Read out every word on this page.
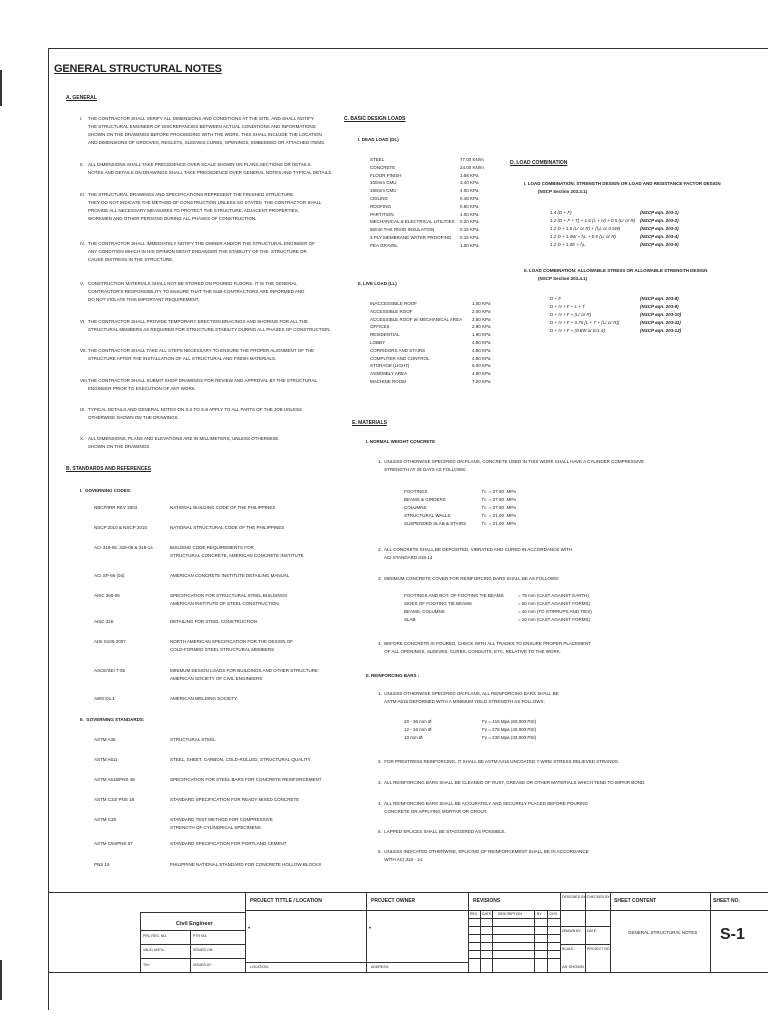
GENERAL STRUCTURAL NOTES
A. GENERAL
I. THE CONTRACTOR SHALL VERIFY ALL DIMENSIONS AND CONDITIONS AT THE SITE, AND SHALL NOTIFY
THE STRUCTURAL ENGINEER OF DISCREPANCIES BETWEEN ACTUAL CONDITIONS AND INFORMATIONS
SHOWN ON THE DRAWINGS BEFORE PROCEEDING WITH THE WORK. THIS SHALL INCLUDE THE LOCATION
AND DIMENSIONS OF GROOVES, REGLETS, SLEEVES,CURBS, OPENINGS, EMBEDDED OR ATTACHED ITEMS.
II. ALL DIMENSIONS SHALL TAKE PRECEDENCE OVER SCALE SHOWN ON PLANS,SECTIONS OR DETAILS.
NOTES AND DETAILS ON DRAWINGS SHALL TAKE PRECEDENCE OVER GENERAL NOTES AND TYPICAL DETAILS.
III. THE STRUCTURAL DRAWINGS AND SPECIFICATIONS REPRESENT THE FINISHED STRUCTURE.
THEY DO NOT INDICATE THE METHOD OF CONSTRUCTION UNLESS SO STATED. THE CONTRACTOR SHALL
PROVIDE ALL NECESSARY MEASURES TO PROTECT THE STRUCTURE, ADJACENT PROPERTIES,
WORKMEN AND OTHER PERSONS DURING ALL PHASES OF CONSTRUCTION.
IV. THE CONTRACTOR SHALL IMMEDIATELY NOTIFY THE OWNER AND/OR THE STRUCTURAL ENGINEER OF
ANY CONDITION WHICH IN HIS OPINION MIGHT ENDANGER THE STABILITY OF THE  STRUCTURE OR
CAUSE DISTRESS IN THE STRUCTURE.
V. CONSTRUCTION MATERIALS SHALL NOT BE STORED ON POURED FLOORS. IT IS THE GENERAL
CONTRACTOR'S RESPONSIBILITY TO ENSURE THAT THE SUB-CONTRACTORS ARE INFORMED AND
DO NOT VIOLATE THIS IMPORTANT REQUIREMENT.
VI. THE CONTRACTOR SHALL PROVIDE TEMPORARY ERECTION BRACINGS AND SHORING FOR ALL THE
STRUCTURAL MEMBERS AS REQUIRED FOR STRUCTURE STABILITY DURING ALL PHASES OF CONSTRUCTION.
VII. THE CONTRACTOR SHALL TAKE ALL STEPS NECESSARY TO ENSURE THE PROPER ALIGNMENT OF THE
STRUCTURE AFTER THE INSTALLATION OF ALL STRUCTURAL AND FINISH MATERIALS.
VIII. THE CONTRACTOR SHALL SUBMIT SHOP DRAWINGS FOR REVIEW AND APPROVAL BY THE STRUCTURAL
ENGINEER PRIOR TO EXECUTION OF ANY WORK.
IX. TYPICAL DETAILS AND GENERAL NOTES ON S-2 TO S-8 APPLY TO ALL PARTS OF THE JOB UNLESS
OTHERWISE SHOWN ON THE DRAWINGS.
X. ALL DIMENSIONS, PLANS AND ELEVATIONS ARE IN MILLIMETERS, UNLESS OTHERWISE
SHOWN ON THE DRAWINGS.
B. STANDARDS AND REFERENCES
I.  GOVERNING CODES:
NBCP/IRR REV 2004	NATIONAL BUILDING CODE OF THE PHILIPPINES
NSCP 2010 & NSCP 2015	NATIONAL STRUCTURAL CODE OF THE PHILIPPINES
ACI 318-05, 318-08 & 318-14	BUILDING CODE REQUIREMENTS FOR
STRUCTURAL CONCRETE, AMERICAN CONCRETE INSTITUTE
ACI SP-66 (04)	AMERICAN CONCRETE INSTITUTE DETAILING MANUAL
AISC 360-05	SPECIFICATION FOR STRUCTURAL STEEL BUILDINGS
AMERICAN INSTITUTE OF STEEL CONSTRUCTION
AISC 326	DETAILING FOR STEEL CONSTRUCTION
AISI S100-2007	NORTH AMERICAN SPECIFICATION FOR THE DESIGN OF
COLD-FORMED STEEL STRUCTURAL MEMBERS
ASCE/SEI 7-05	MINIMUM DESIGN LOADS FOR BUILDINGS AND OTHER STRUCTURE
AMERICAN SOCIETY OF CIVIL ENGINEERS
AWS D1.1	AMERICAN WELDING SOCIETY
II.  GOVERNING STANDARDS:
ASTM A36	STRUCTURAL STEEL
ASTM A611	STEEL, SHEET, CARBON, COLD-ROLLED, STRUCTURAL QUALITY
ASTM A615/PNS 49	SPECIFICATION FOR STEEL BARS FOR CONCRETE REINFORCEMENT
ASTM C33/ PNS 18	STANDARD SPECIFICATION FOR READY MIXED CONCRETE
ASTM C39	STANDARD TEST METHOD FOR COMPRESSIVE
STRENGTH OF CYLINDRICAL SPECIMENS
ASTM C94/PNS 07	STANDARD SPECIFICATION FOR PORTLAND CEMENT
PNS 16	PHILIPPINE NATIONAL STANDARD FOR CONCRETE HOLLOW BLOCKS
C. BASIC DESIGN LOADS
I. DEAD LOAD (DL)
STEEL	77.00 KN/m
CONCRETE	24.00 KN/m
FLOOR FINISH	1.58 KPa
100mm CMU	3.40 KPa
150mm CMU	4.00 KPa
CEILING	0.48 KPa
ROOFING	0.60 KPa
PARTITION	1.00 KPa
MECHANICAL & ELECTRICAL UTILITIES 0.20 KPa
50mm THK RIGID INSULATION	0.15 KPa
3 PLY MEMBRANE WATER PROOFING 0.15 KPa
PEA GRAVEL	1.00 KPa
II. LIVE LOAD (LL)
INACCESSIBLE ROOF	1.00 KPa
ACCESSIBLE ROOF	2.00 KPa
ACCESSIBLE ROOF w/ MECHANICAL AREA 3.50 KPa
OFFICES	2.90 KPa
RESIDENTIAL	1.90 KPa
LOBBY	4.80 KPa
CORRIDORS AND STAIRS	4.80 KPa
COMPUTER AND CONTROL	4.80 KPa
STORAGE (LIGHT)	6.00 KPa
ASSEMBLY AREA	4.80 KPa
MACHINE ROOM	7.20 KPa
D. LOAD COMBINATION
I. LOAD COMBINATION: STRENGTH DESIGN OR LOAD AND RESISTANCE FACTOR DESIGN
(NSCP Section 203.3.1)
1.4 (D + F)	(NSCP eqn. 203-1)
1.2 (D + F + T) + 1.6 (L + H) + 0.5 (Lr or R) (NSCP eqn. 203-2)
1.2 D + 1.6 (Lr or R) + (f₁L or 0.5W)	(NSCP eqn. 203-3)
1.2 D + 1.0W + f₁L + 0.5 (Lr or R)	(NSCP eqn. 203-4)
1.2 D + 1.0E + f₁L	(NSCP eqn. 203-5)
II. LOAD COMBINATION: ALLOWABLE STRESS OR ALLOWABLE STRENGTH DESIGN
(NSCP Section 203.4.1)
D + F	(NSCP eqn. 203-8)
D + H + F + L + T	(NSCP eqn. 203-9)
D + H + F + (Lr or R)	(NSCP eqn. 203-10)
D + H + F + 0.75 [L + T + (Lr or R)]	(NSCP eqn. 203-11)
D + H + F + (0.6W or E/1.4)	(NSCP eqn. 203-12)
E. MATERIALS
I. NORMAL WEIGHT CONCRETE
1.  UNLESS OTHERWISE SPECIFIED ON PLANS, CONCRETE USED IN THIS WORK SHALL HAVE A CYLINDER COMPRESSIVE
STRENGTH AT 28 DAYS AS FOLLOWS:
FOOTINGS	f'c  = 27.60  MPa
BEAMS & GIRDERS	f'c  = 27.60  MPa
COLUMNS	f'c  = 27.60  MPa
STRUCTURAL WALLS	f'c  = 21.00  MPa
SUSPENDED SLAB & STAIRS	f'c  = 21.00  MPa
2.  ALL CONCRETE SHALL BE DEPOSITED, VIBRATED AND CURED IN ACCORDANCE WITH
ACI STANDARD 318-14
3.  MINIMUM CONCRETE COVER FOR REINFORCING BARS SHALL BE AS FOLLOWS:
FOOTINGS AND BOT. OF FOOTING TIE BEAMS	= 75 mm (CAST AGAINST EARTH)
SIDES OF FOOTING TIE BEAMS	= 50 mm (CAST AGAINST FORMS)
BEAMS, COLUMNS	= 40 mm (TO STIRRUPS AND TIES)
SLAB	= 20 mm (CAST AGAINST FORMS)
4.  BEFORE CONCRETE IS POURED, CHECK WITH ALL TRADES TO ENSURE PROPER PLACEMENT
OF ALL OPENINGS, SLEEVES, CURBS, CONDUITS, ETC. RELATIVE TO THE WORK.
II. REINFORCING BARS :
1.  UNLESS OTHERWISE SPECIFIED ON PLANS, ALL REINFORCING BARS SHALL BE
ASTM A615 DEFORMED WITH A MINIMUM YIELD STRENGTH AS FOLLOWS:
20 - 36 mm Ø	Fy = 415 Mpa (60,000 PSI)
12 - 16 mm Ø	Fy = 275 Mpa (40,000 PSI)
10 mm Ø	Fy = 230 Mpa (33,000 PSI)
2.  FOR PRESTRESS REINFORCING, IT SHALL BE ASTM A416 UNCOATED 7-WIRE STRESS RELIEVED STRANDS.
3.  ALL REINFORCING BARS SHALL BE CLEANED OF RUST, GREASE OR OTHER MATERIALS WHICH TEND TO IMPAIR BOND.
4.  ALL REINFORCING BARS SHALL BE ACCURATELY AND SECURELY PLACED BEFORE POURING
CONCRETE OR APPLYING MORTAR OR GROUT.
5.  LAPPED SPLICES SHALL BE STAGGERED AS POSSIBLE.
6.  UNLESS INDICATED OTHERWISE, SPLICING OF REINFORCEMENT SHALL BE IN ACCORDANCE
WITH ACI 318 - 14.
Civil Engineer
PRC REG. NO.	PTR NO:
VALID UNTIL:	ISSUED ON:
TIN:	ISSUED AT:
PROJECT TITTLE / LOCATION
LOCATION:
PROJECT OWNER
ADDRESS:
REVISIONS
REV. DATE DESCRIPTION	BY CK'D
DESIGNED BY: CHECKED BY:
DRAWN BY: DATE:
SCALE:	PROJECT NO:
AS SHOWN
SHEET CONTENT
GENERAL STRUCTURAL NOTES
SHEET NO.
S-1
•	•
